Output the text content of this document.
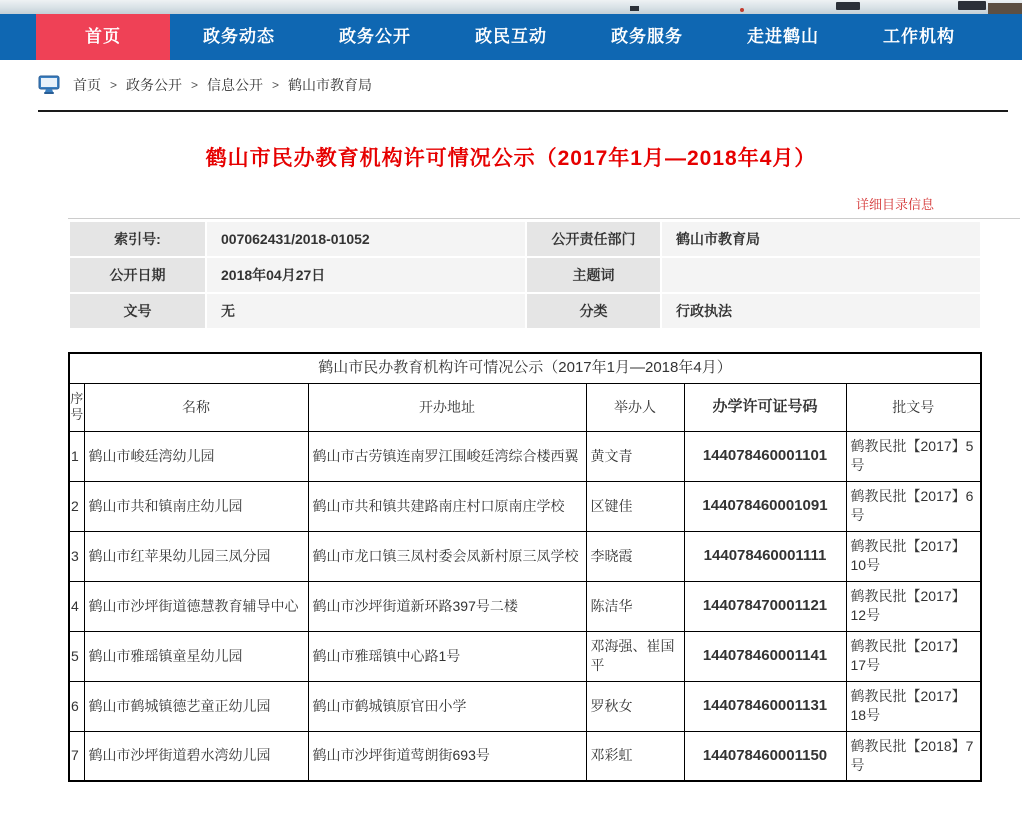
首页	政务动态	政务公开	政民互动	政务服务	走进鹤山	工作机构
首页 > 政务公开 > 信息公开 > 鹤山市教育局
鹤山市民办教育机构许可情况公示（2017年1月—2018年4月）
详细目录信息
索引号:	007062431/2018-01052	公开责任部门	鹤山市教育局
公开日期	2018年04月27日	主题词	
文号	无	分类	行政执法
鹤山市民办教育机构许可情况公示（2017年1月—2018年4月）					
序号	名称	开办地址	举办人	办学许可证号码	批文号
1	鹤山市峻廷湾幼儿园	鹤山市古劳镇连南罗江围峻廷湾综合楼西翼	黄文青	144078460001101	鹤教民批【2017】5号
2	鹤山市共和镇南庄幼儿园	鹤山市共和镇共建路南庄村口原南庄学校	区键佳	144078460001091	鹤教民批【2017】6号
3	鹤山市红苹果幼儿园三凤分园	鹤山市龙口镇三凤村委会凤新村原三凤学校	李晓霞	144078460001111	鹤教民批【2017】10号
4	鹤山市沙坪街道德慧教育辅导中心	鹤山市沙坪街道新环路397号二楼	陈洁华	144078470001121	鹤教民批【2017】12号
5	鹤山市雅瑶镇童星幼儿园	鹤山市雅瑶镇中心路1号	邓海强、崔国平	144078460001141	鹤教民批【2017】17号
6	鹤山市鹤城镇德艺童正幼儿园	鹤山市鹤城镇原官田小学	罗秋女	144078460001131	鹤教民批【2017】18号
7	鹤山市沙坪街道碧水湾幼儿园	鹤山市沙坪街道莺朗街693号	邓彩虹	144078460001150	鹤教民批【2018】7号
